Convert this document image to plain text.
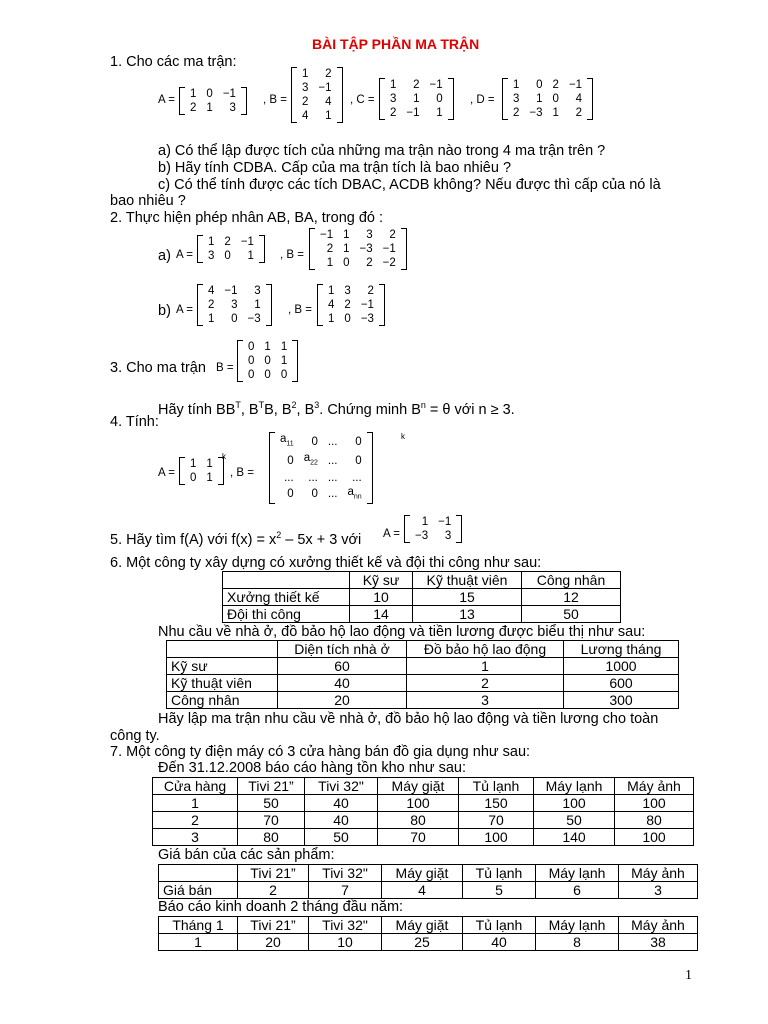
BÀI TẬP PHẦN MA TRẬN
1. Cho các ma trận:
A = 1	0	−1
2	1	3
, B =
1	2
3	−1
2	4
4	1
, C =
1	2	−1
3	1	0
2	−1	1
, D =
1	0	2	−1
3	1	0	4
2	−3	1	2
a) Có thể lập được tích của những ma trận nào trong 4 ma trận trên ?
b) Hãy tính CDBA. Cấp của ma trận tích là bao nhiêu ?
c) Có thể tính được các tích DBAC, ACDB không? Nếu được thì cấp của nó là
bao nhiêu ?
2. Thực hiện phép nhân AB, BA, trong đó :
a) A =
1	2	−1
3	0	1 , B =
−1	1	3	2
2	1	−3	−1
1	0	2	−2
b) A =
4	−1	3
2	3	1
1	0	−3
, B =
1	3	2
4	2	−1
1	0	−3
3. Cho ma trận B =
0	1	1
0	0	1
0	0	0
Hãy tính $BB^T$, $B^TB$, $B^2$, $B^3$. Chứng minh $B^n = \theta$ với n ≥ 3.
4. Tính:
A =
1	1
0	1
k
, B =
$a_{11}$	0	...	0
0	$a_{22}$	...	0
...	...	...	...
0	0	...	$a_{nn}$
k
5. Hãy tìm f(A) với $f(x) = x^2 - 5x + 3$ với A =
1	−1
−3	3
6. Một công ty xây dựng có xưởng thiết kế và đội thi công như sau:
	Kỹ sư	Kỹ thuật viên	Công nhân
Xưởng thiết kế	10	15	12
Đội thi công	14	13	50
Nhu cầu về nhà ở, đồ bảo hộ lao động và tiền lương được biểu thị như sau:
	Diện tích nhà ở	Đồ bảo hộ lao động	Lương tháng
Kỹ sư	60	1	1000
Kỹ thuật viên	40	2	600
Công nhân	20	3	300
Hãy lập ma trận nhu cầu về nhà ở, đồ bảo hộ lao động và tiền lương cho toàn
công ty.
7. Một công ty điện máy có 3 cửa hàng bán đồ gia dụng như sau:
Đến 31.12.2008 báo cáo hàng tồn kho như sau:
Cửa hàng	Tivi 21”	Tivi 32"	Máy giặt	Tủ lạnh	Máy lạnh	Máy ảnh
1	50	40	100	150	100	100
2	70	40	80	70	50	80
3	80	50	70	100	140	100
Giá bán của các sản phẩm:
	Tivi 21”	Tivi 32"	Máy giặt	Tủ lạnh	Máy lạnh	Máy ảnh
Giá bán	2	7	4	5	6	3
Báo cáo kinh doanh 2 tháng đầu năm:
Tháng 1	Tivi 21”	Tivi 32"	Máy giặt	Tủ lạnh	Máy lạnh	Máy ảnh
1	20	10	25	40	8	38
1
